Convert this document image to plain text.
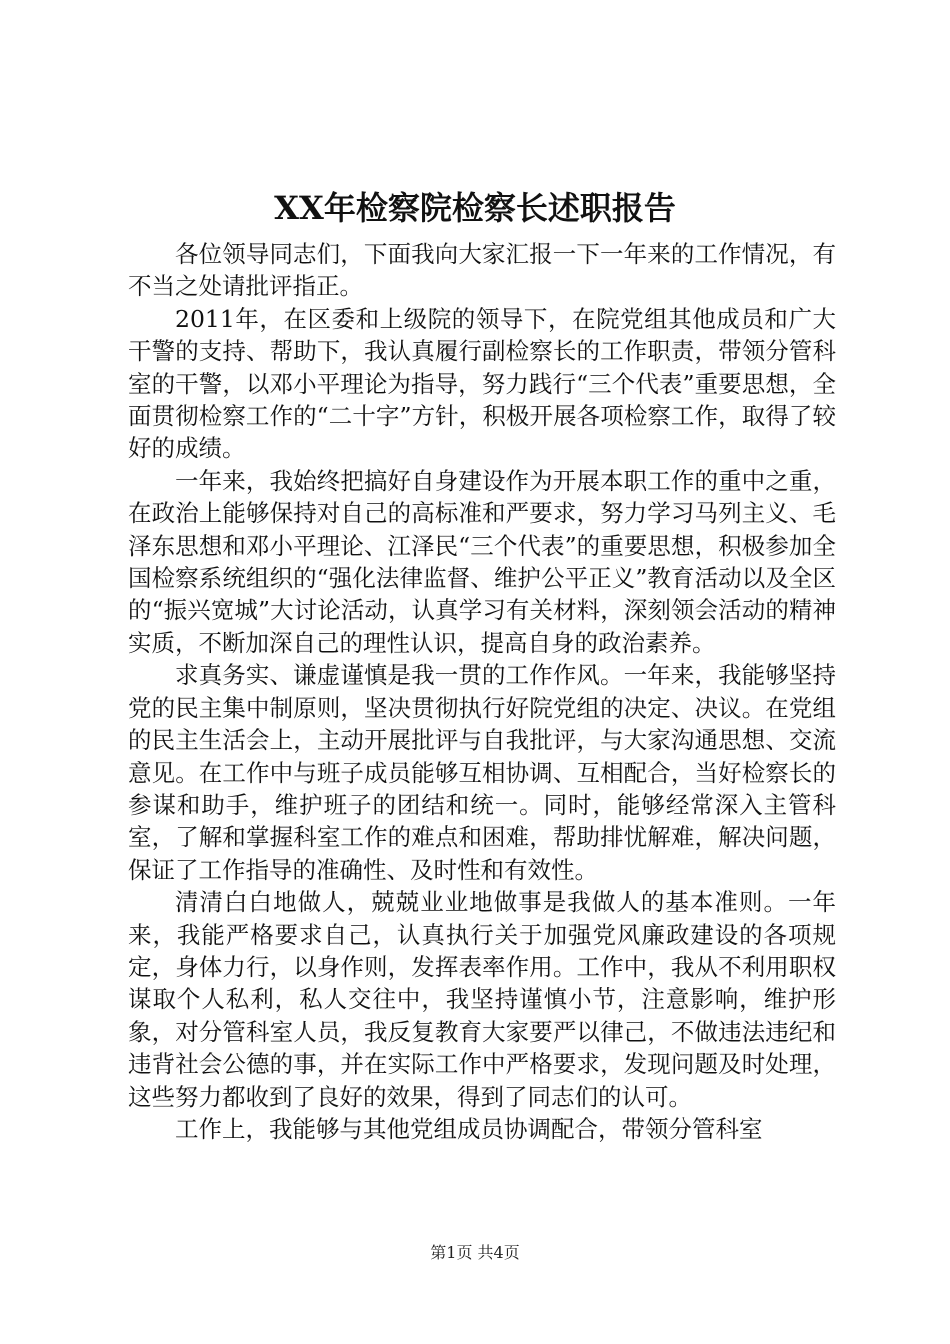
XX年检察院检察长述职报告

各位领导同志们，下面我向大家汇报一下一年来的工作情况，有不当之处请批评指正。

2011年，在区委和上级院的领导下，在院党组其他成员和广大干警的支持、帮助下，我认真履行副检察长的工作职责，带领分管科室的干警，以邓小平理论为指导，努力践行“三个代表”重要思想，全面贯彻检察工作的“二十字”方针，积极开展各项检察工作，取得了较好的成绩。

一年来，我始终把搞好自身建设作为开展本职工作的重中之重，在政治上能够保持对自己的高标准和严要求，努力学习马列主义、毛泽东思想和邓小平理论、江泽民“三个代表”的重要思想，积极参加全国检察系统组织的“强化法律监督、维护公平正义”教育活动以及全区的“振兴宽城”大讨论活动，认真学习有关材料，深刻领会活动的精神实质，不断加深自己的理性认识，提高自身的政治素养。

求真务实、谦虚谨慎是我一贯的工作作风。一年来，我能够坚持党的民主集中制原则，坚决贯彻执行好院党组的决定、决议。在党组的民主生活会上，主动开展批评与自我批评，与大家沟通思想、交流意见。在工作中与班子成员能够互相协调、互相配合，当好检察长的参谋和助手，维护班子的团结和统一。同时，能够经常深入主管科室，了解和掌握科室工作的难点和困难，帮助排忧解难，解决问题，保证了工作指导的准确性、及时性和有效性。

清清白白地做人，兢兢业业地做事是我做人的基本准则。一年来，我能严格要求自己，认真执行关于加强党风廉政建设的各项规定，身体力行，以身作则，发挥表率作用。工作中，我从不利用职权谋取个人私利，私人交往中，我坚持谨慎小节，注意影响，维护形象，对分管科室人员，我反复教育大家要严以律己，不做违法违纪和违背社会公德的事，并在实际工作中严格要求，发现问题及时处理，这些努力都收到了良好的效果，得到了同志们的认可。

工作上，我能够与其他党组成员协调配合，带领分管科室

第1页 共4页
